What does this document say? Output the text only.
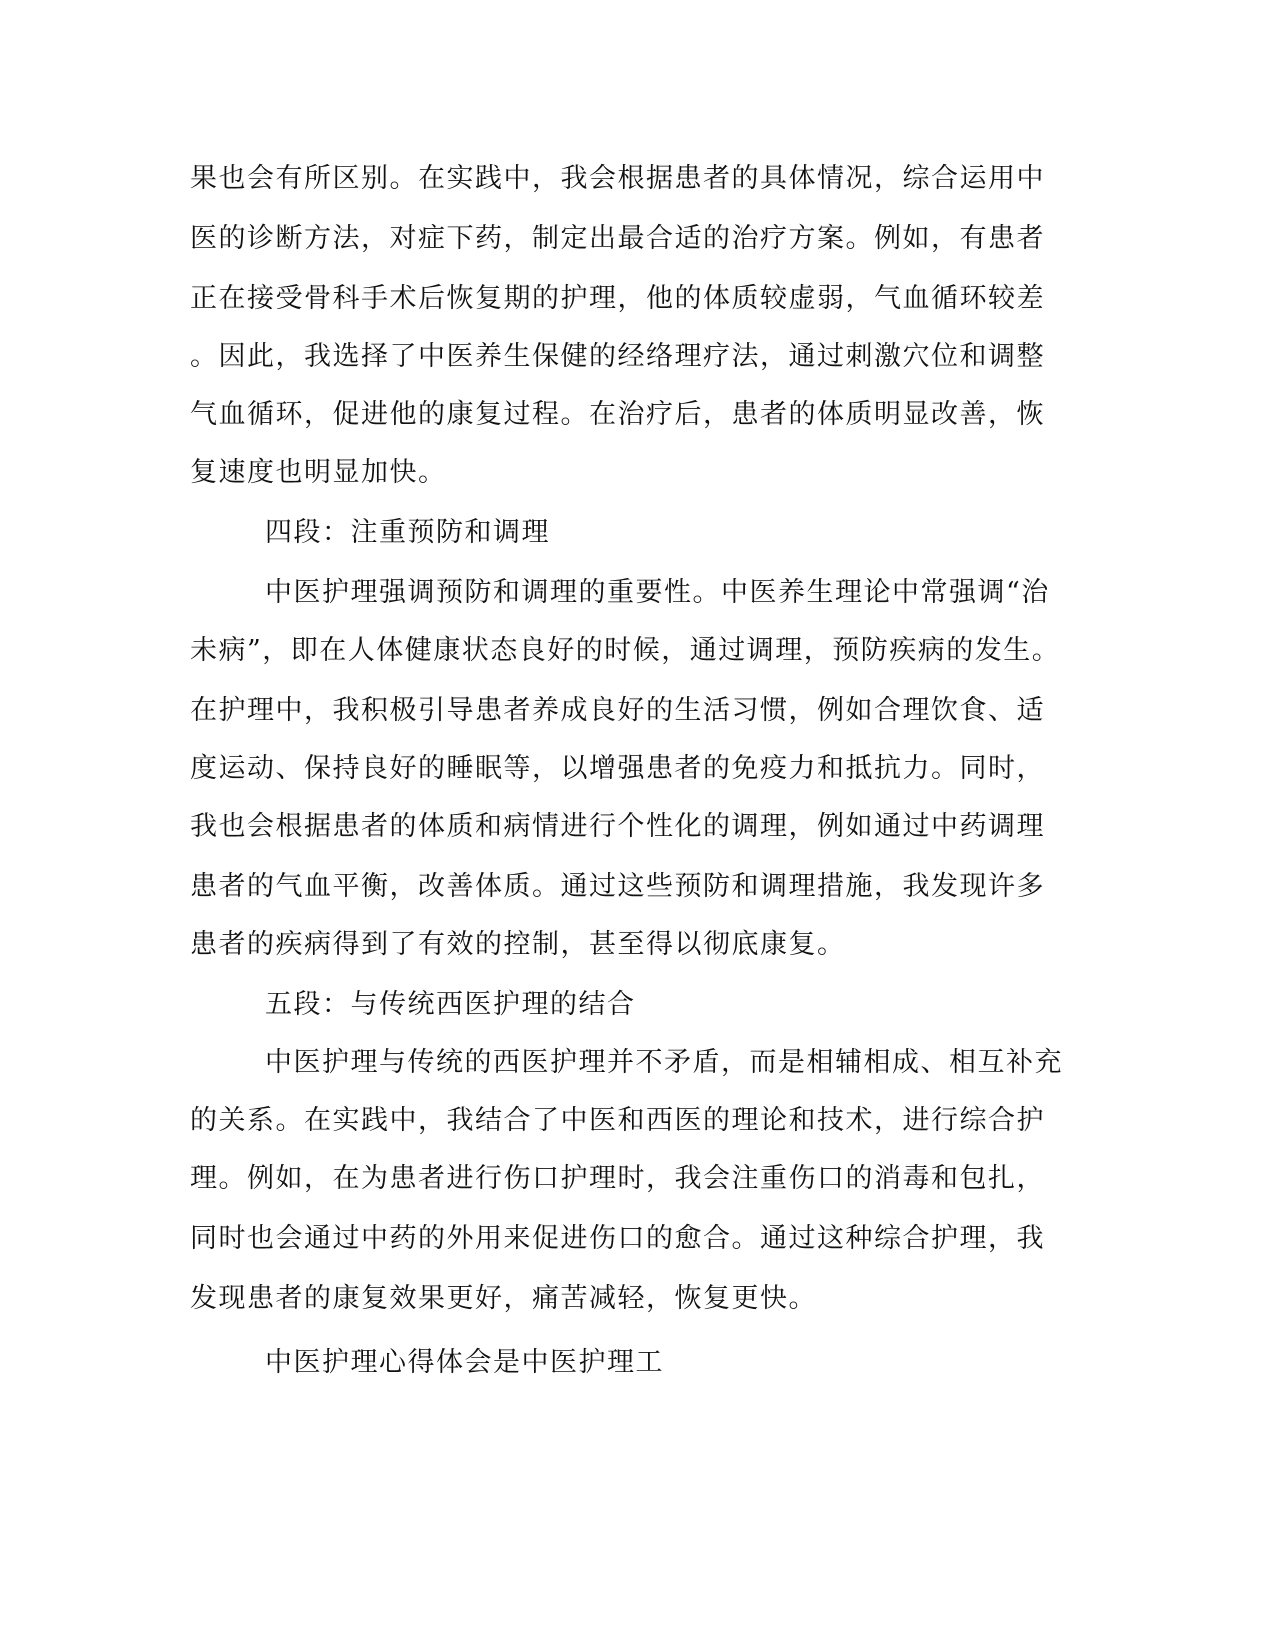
果也会有所区别。在实践中，我会根据患者的具体情况，综合运用中
医的诊断方法，对症下药，制定出最合适的治疗方案。例如，有患者
正在接受骨科手术后恢复期的护理，他的体质较虚弱，气血循环较差
。因此，我选择了中医养生保健的经络理疗法，通过刺激穴位和调整
气血循环，促进他的康复过程。在治疗后，患者的体质明显改善，恢
复速度也明显加快。
四段：注重预防和调理
中医护理强调预防和调理的重要性。中医养生理论中常强调“治
未病”，即在人体健康状态良好的时候，通过调理，预防疾病的发生。
在护理中，我积极引导患者养成良好的生活习惯，例如合理饮食、适
度运动、保持良好的睡眠等，以增强患者的免疫力和抵抗力。同时，
我也会根据患者的体质和病情进行个性化的调理，例如通过中药调理
患者的气血平衡，改善体质。通过这些预防和调理措施，我发现许多
患者的疾病得到了有效的控制，甚至得以彻底康复。
五段：与传统西医护理的结合
中医护理与传统的西医护理并不矛盾，而是相辅相成、相互补充
的关系。在实践中，我结合了中医和西医的理论和技术，进行综合护
理。例如，在为患者进行伤口护理时，我会注重伤口的消毒和包扎，
同时也会通过中药的外用来促进伤口的愈合。通过这种综合护理，我
发现患者的康复效果更好，痛苦减轻，恢复更快。
中医护理心得体会是中医护理工
